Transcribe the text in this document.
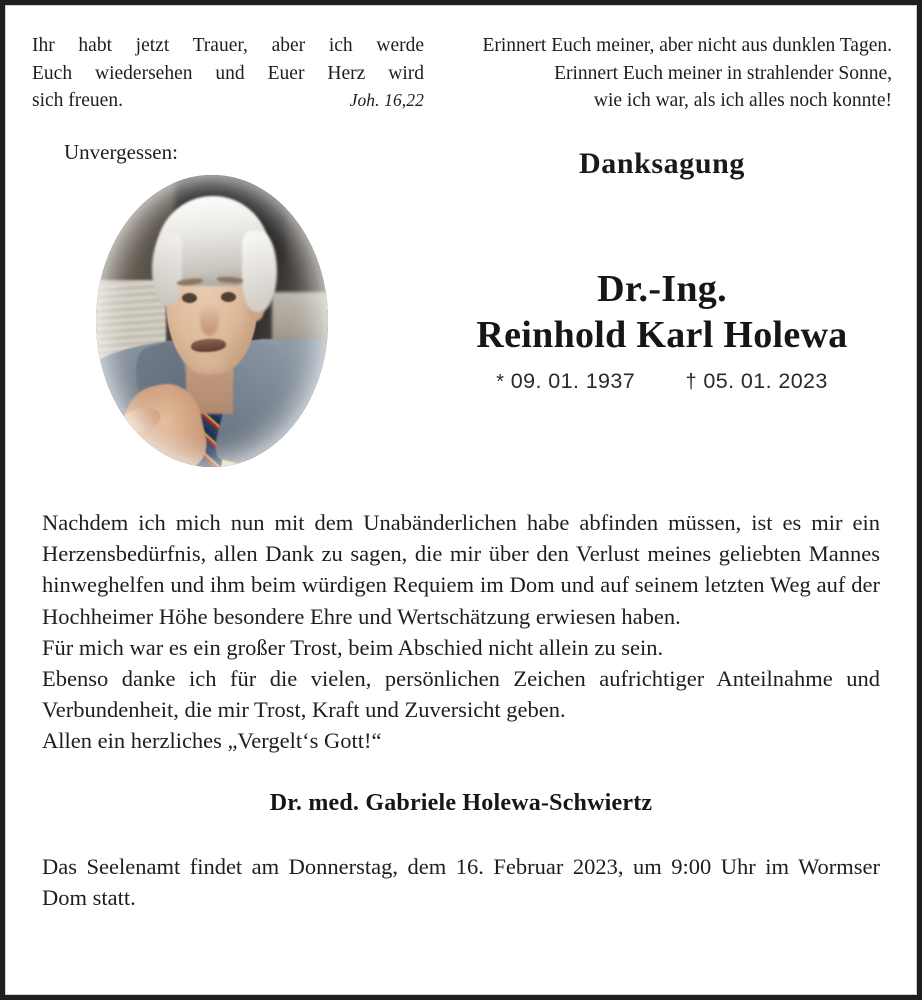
Ihr habt jetzt Trauer, aber ich werde
Euch wiedersehen und Euer Herz wird
sich freuen.	Joh. 16,22
Erinnert Euch meiner, aber nicht aus dunklen Tagen.
Erinnert Euch meiner in strahlender Sonne,
wie ich war, als ich alles noch konnte!
Unvergessen:	Danksagung
Dr.-Ing.
Reinhold Karl Holewa
* 09. 01. 1937	† 05. 01. 2023

Nachdem ich mich nun mit dem Unabänderlichen habe abfinden müssen, ist es mir ein Herzensbedürfnis, allen Dank zu sagen, die mir über den Verlust meines geliebten Mannes hinweghelfen und ihm beim würdigen Requiem im Dom und auf seinem letzten Weg auf der Hochheimer Höhe besondere Ehre und Wertschätzung erwiesen haben.

Für mich war es ein großer Trost, beim Abschied nicht allein zu sein.

Ebenso danke ich für die vielen, persönlichen Zeichen aufrichtiger Anteilnahme und Verbundenheit, die mir Trost, Kraft und Zuversicht geben.

Allen ein herzliches „Vergelt‘s Gott!“

Dr. med. Gabriele Holewa-Schwiertz
Das Seelenamt findet am Donnerstag, dem 16. Februar 2023, um 9:00 Uhr im Wormser Dom statt.
